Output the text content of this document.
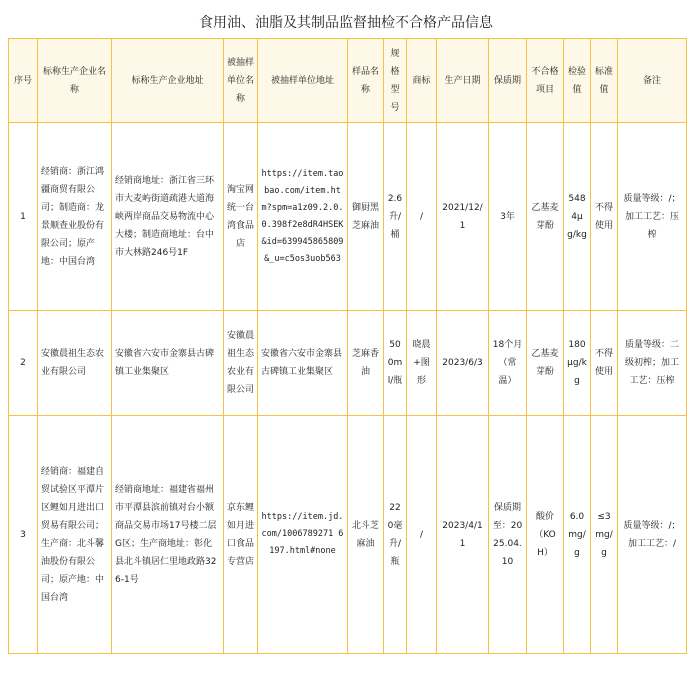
食用油、油脂及其制品监督抽检不合格产品信息
序号	标称生产企业名称	标称生产企业地址	被抽样单位名称	被抽样单位地址	样品名称	规格型号	商标	生产日期	保质期	不合格项目	检验值	标准值	备注
1	经销商：浙江鸿疆商贸有限公司；制造商：龙景顺查业股份有限公司；原产地：中国台湾	经销商地址：浙江省三环市大麦屿街道疏港大道海峡两岸商品交易物流中心大楼；制造商地址：台中市大林路246号1F	淘宝网统一台湾食品店	https://item.taobao.com/item.htm?spm=a1z09.2.0.0.398f2e8dR4HSEK&id=639945865809&_u=c5os3uob563	御厨黑芝麻油	2.6升/桶	/	2021/12/1	3年	乙基麦芽酚	5484μg/kg	不得使用	质量等级：/；加工工艺：压榨
2	安徽晨祖生态农业有限公司	安徽省六安市金寨县古碑镇工业集聚区	安徽晨祖生态农业有限公司	安徽省六安市金寨县古碑镇工业集聚区	芝麻香油	500ml/瓶	晓晨+图形	2023/6/3	18个月（常温）	乙基麦芽酚	180μg/kg	不得使用	质量等级：二级初榨；加工工艺：压榨
3	经销商：福建自贸试验区平潭片区鲤如月进出口贸易有限公司；生产商：北斗馨油股份有限公司；原产地：中国台湾	经销商地址：福建省福州市平潭县滨前镇对台小额商品交易市场17号楼二层G区；生产商地址：彰化县北斗镇居仁里地政路326-1号	京东鲤如月进口食品专营店	https://item.jd.com/1006789271 6197.html#none	北斗芝麻油	220毫升/瓶	/	2023/4/11	保质期至：2025.04.10	酸价（KOH）	6.0mg/g	≤3mg/g	质量等级：/；加工工艺：/
